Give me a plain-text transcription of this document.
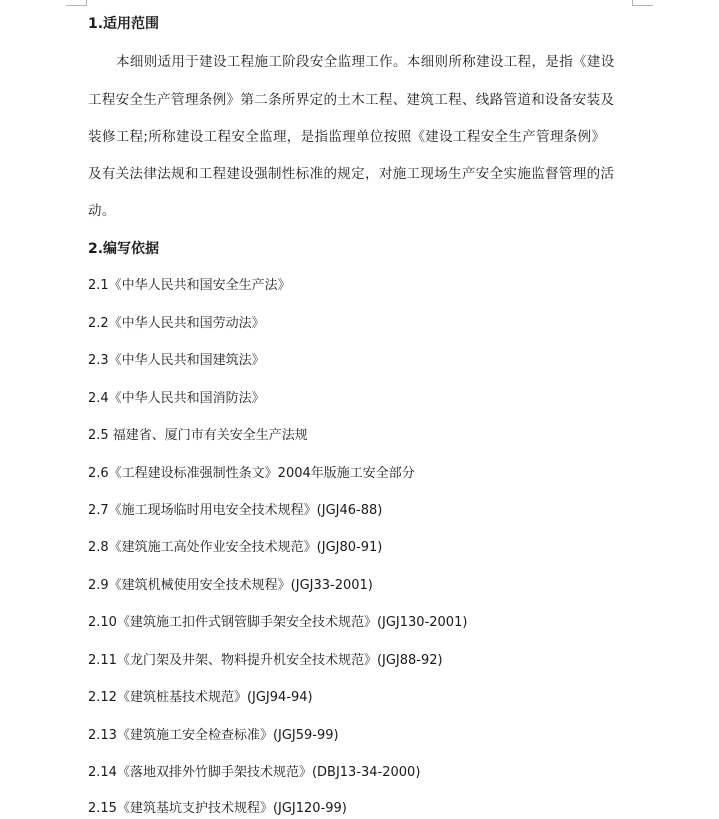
1.适用范围
本细则适用于建设工程施工阶段安全监理工作。本细则所称建设工程，是指《建设
工程安全生产管理条例》第二条所界定的土木工程、建筑工程、线路管道和设备安装及
装修工程;所称建设工程安全监理，是指监理单位按照《建设工程安全生产管理条例》
及有关法律法规和工程建设强制性标准的规定，对施工现场生产安全实施监督管理的活
动。
2.编写依据
2.1《中华人民共和国安全生产法》
2.2《中华人民共和国劳动法》
2.3《中华人民共和国建筑法》
2.4《中华人民共和国消防法》
2.5 福建省、厦门市有关安全生产法规
2.6《工程建设标准强制性条文》2004年版施工安全部分
2.7《施工现场临时用电安全技术规程》(JGJ46-88)
2.8《建筑施工高处作业安全技术规范》(JGJ80-91)
2.9《建筑机械使用安全技术规程》(JGJ33-2001)
2.10《建筑施工扣件式钢管脚手架安全技术规范》(JGJ130-2001)
2.11《龙门架及井架、物料提升机安全技术规范》(JGJ88-92)
2.12《建筑桩基技术规范》(JGJ94-94)
2.13《建筑施工安全检查标准》(JGJ59-99)
2.14《落地双排外竹脚手架技术规范》(DBJ13-34-2000)
2.15《建筑基坑支护技术规程》(JGJ120-99)
